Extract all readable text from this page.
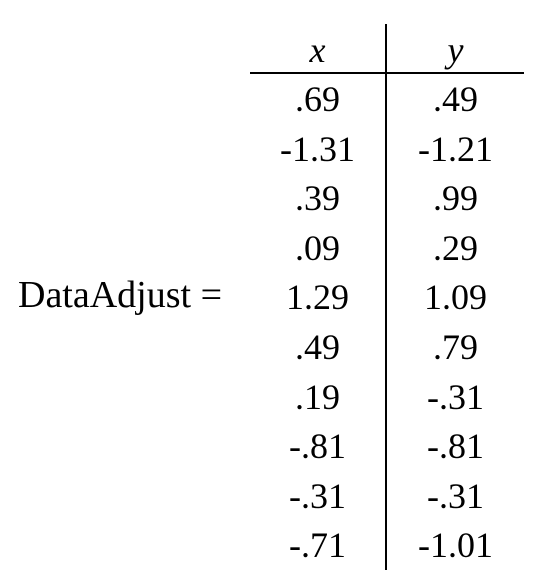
DataAdjust =
x	y
.69	.49
-1.31	-1.21
.39	.99
.09	.29
1.29	1.09
.49	.79
.19	-.31
-.81	-.81
-.31	-.31
-.71	-1.01
